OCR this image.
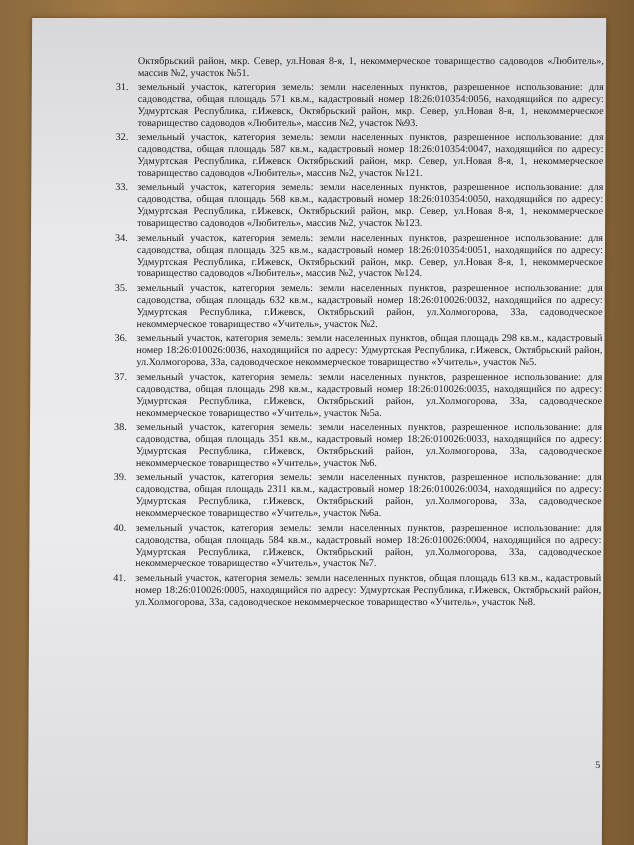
Октябрьский район, мкр. Север, ул.Новая 8-я, 1, некоммерческое товарищество садоводов «Любитель», массив №2, участок №51.

31. земельный участок, категория земель: земли населенных пунктов, разрешенное использование: для садоводства, общая площадь 571 кв.м., кадастровый номер 18:26:010354:0056, находящийся по адресу: Удмуртская Республика, г.Ижевск, Октябрьский район, мкр. Север, ул.Новая 8-я, 1, некоммерческое товарищество садоводов «Любитель», массив №2, участок №93.
32. земельный участок, категория земель: земли населенных пунктов, разрешенное использование: для садоводства, общая площадь 587 кв.м., кадастровый номер 18:26:010354:0047, находящийся по адресу: Удмуртская Республика, г.Ижевск Октябрьский район, мкр. Север, ул.Новая 8-я, 1, некоммерческое товарищество садоводов «Любитель», массив №2, участок №121.
33. земельный участок, категория земель: земли населенных пунктов, разрешенное использование: для садоводства, общая площадь 568 кв.м., кадастровый номер 18:26:010354:0050, находящийся по адресу: Удмуртская Республика, г.Ижевск, Октябрьский район, мкр. Север, ул.Новая 8-я, 1, некоммерческое товарищество садоводов «Любитель», массив №2, участок №123.
34. земельный участок, категория земель: земли населенных пунктов, разрешенное использование: для садоводства, общая площадь 325 кв.м., кадастровый номер 18:26:010354:0051, находящийся по адресу: Удмуртская Республика, г.Ижевск, Октябрьский район, мкр. Север, ул.Новая 8-я, 1, некоммерческое товарищество садоводов «Любитель», массив №2, участок №124.
35. земельный участок, категория земель: земли населенных пунктов, разрешенное использование: для садоводства, общая площадь 632 кв.м., кадастровый номер 18:26:010026:0032, находящийся по адресу: Удмуртская Республика, г.Ижевск, Октябрьский район, ул.Холмогорова, 33а, садоводческое некоммерческое товарищество «Учитель», участок №2.
36. земельный участок, категория земель: земли населенных пунктов, общая площадь 298 кв.м., кадастровый номер 18:26:010026:0036, находящийся по адресу: Удмуртская Республика, г.Ижевск, Октябрьский район, ул.Холмогорова, 33а, садоводческое некоммерческое товарищество «Учитель», участок №5.
37. земельный участок, категория земель: земли населенных пунктов, разрешенное использование: для садоводства, общая площадь 298 кв.м., кадастровый номер 18:26:010026:0035, находящийся по адресу: Удмуртская Республика, г.Ижевск, Октябрьский район, ул.Холмогорова, 33а, садоводческое некоммерческое товарищество «Учитель», участок №5а.
38. земельный участок, категория земель: земли населенных пунктов, разрешенное использование: для садоводства, общая площадь 351 кв.м., кадастровый номер 18:26:010026:0033, находящийся по адресу: Удмуртская Республика, г.Ижевск, Октябрьский район, ул.Холмогорова, 33а, садоводческое некоммерческое товарищество «Учитель», участок №6.
39. земельный участок, категория земель: земли населенных пунктов, разрешенное использование: для садоводства, общая площадь 2311 кв.м., кадастровый номер 18:26:010026:0034, находящийся по адресу: Удмуртская Республика, г.Ижевск, Октябрьский район, ул.Холмогорова, 33а, садоводческое некоммерческое товарищество «Учитель», участок №6а.
40. земельный участок, категория земель: земли населенных пунктов, разрешенное использование: для садоводства, общая площадь 584 кв.м., кадастровый номер 18:26:010026:0004, находящийся по адресу: Удмуртская Республика, г.Ижевск, Октябрьский район, ул.Холмогорова, 33а, садоводческое некоммерческое товарищество «Учитель», участок №7.
41. земельный участок, категория земель: земли населенных пунктов, общая площадь 613 кв.м., кадастровый номер 18:26:010026:0005, находящийся по адресу: Удмуртская Республика, г.Ижевск, Октябрьский район, ул.Холмогорова, 33а, садоводческое некоммерческое товарищество «Учитель», участок №8.
5
